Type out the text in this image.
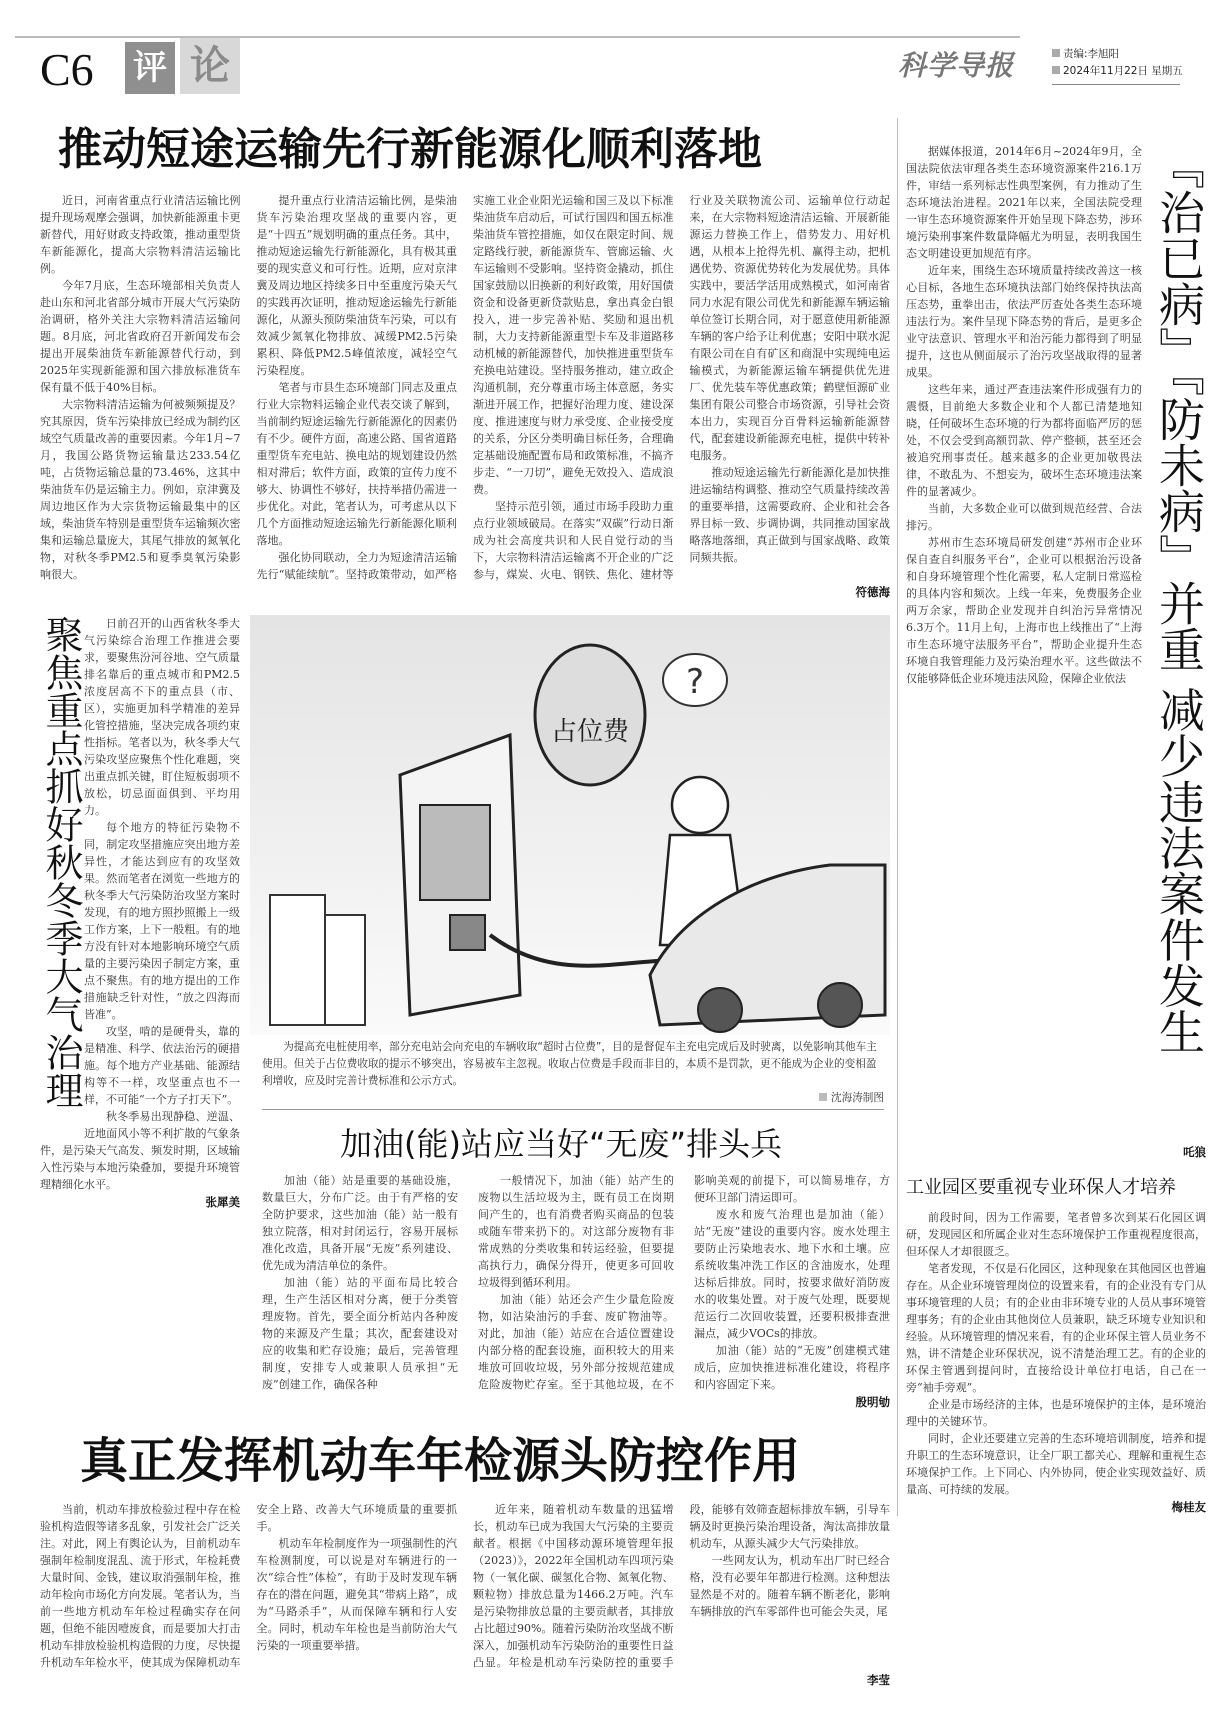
C6 评 论	科学导报	责编:李旭阳
2024年11月22日 星期五
推动短途运输先行新能源化顺利落地

近日，河南省重点行业清洁运输比例提升现场观摩会强调，加快新能源重卡更新替代，用好财政支持政策，推动重型货车新能源化，提高大宗物料清洁运输比例。

今年7月底，生态环境部相关负责人赴山东和河北省部分城市开展大气污染防治调研，格外关注大宗物料清洁运输问题。8月底，河北省政府召开新闻发布会提出开展柴油货车新能源替代行动，到2025年实现新能源和国六排放标准货车保有量不低于40%目标。

大宗物料清洁运输为何被频频提及？究其原因，货车污染排放已经成为制约区域空气质量改善的重要因素。今年1月~7月，我国公路货物运输量达233.54亿吨，占货物运输总量的73.46%，这其中柴油货车仍是运输主力。例如，京津冀及周边地区作为大宗货物运输最集中的区域，柴油货车特别是重型货车运输频次密集和运输总量庞大，其尾气排放的氮氧化物，对秋冬季PM2.5和夏季臭氧污染影响很大。

提升重点行业清洁运输比例，是柴油货车污染治理攻坚战的重要内容，更是“十四五”规划明确的重点任务。其中，推动短途运输先行新能源化，具有极其重要的现实意义和可行性。近期，应对京津冀及周边地区持续多日中至重度污染天气的实践再次证明，推动短途运输先行新能源化，从源头预防柴油货车污染，可以有效减少氮氧化物排放、减缓PM2.5污染累积、降低PM2.5峰值浓度，减轻空气污染程度。

笔者与市县生态环境部门同志及重点行业大宗物料运输企业代表交谈了解到，当前制约短途运输先行新能源化的因素仍有不少。硬件方面，高速公路、国省道路重型货车充电站、换电站的规划建设仍然相对滞后；软件方面，政策的宣传力度不够大、协调性不够好，扶持举措仍需进一步优化。对此，笔者认为，可考虑从以下几个方面推动短途运输先行新能源化顺利落地。

强化协同联动，全力为短途清洁运输先行“赋能续航”。坚持政策带动，如严格实施工业企业阳光运输和国三及以下标准柴油货车启动后，可试行国四和国五标准柴油货车管控措施，如仅在限定时间、规定路线行驶，新能源货车、管廊运输、火车运输则不受影响。坚持资金撬动，抓住国家鼓励以旧换新的利好政策，用好国债资金和设备更新贷款贴息，拿出真金白银投入，进一步完善补贴、奖励和退出机制，大力支持新能源重型卡车及非道路移动机械的新能源替代，加快推进重型货车充换电站建设。坚持服务推动，建立政企沟通机制，充分尊重市场主体意愿，务实渐进开展工作，把握好治理力度、建设深度、推进速度与财力承受度、企业接受度的关系，分区分类明确目标任务，合理确定基础设施配置布局和政策标准，不搞齐步走、“一刀切”，避免无效投入、造成浪费。

坚持示范引领，通过市场手段助力重点行业领域破局。在落实“双碳”行动日渐成为社会高度共识和人民自觉行动的当下，大宗物料清洁运输离不开企业的广泛参与，煤炭、火电、钢铁、焦化、建材等行业及关联物流公司、运输单位行动起来，在大宗物料短途清洁运输、开展新能源运力替换工作上，借势发力、用好机遇，从根本上抢得先机、赢得主动，把机遇优势、资源优势转化为发展优势。具体实践中，要活学活用成熟模式，如河南省同力水泥有限公司优先和新能源车辆运输单位签订长期合同，对于愿意使用新能源车辆的客户给予让利优惠；安阳中联水泥有限公司在自有矿区和商混中实现纯电运输模式，为新能源运输车辆提供优先进厂、优先装车等优惠政策；鹤壁恒源矿业集团有限公司整合市场资源，引导社会资本出力，实现百分百骨料运输新能源替代，配套建设新能源充电桩，提供中转补电服务。

推动短途运输先行新能源化是加快推进运输结构调整、推动空气质量持续改善的重要举措，这需要政府、企业和社会各界目标一致、步调协调，共同推动国家战略落地落细，真正做到与国家战略、政策同频共振。

符德海
聚焦重点抓好秋冬季大气治理	日前召开的山西省秋冬季大气污染综合治理工作推进会要求，要聚焦汾河谷地、空气质量排名靠后的重点城市和PM2.5浓度居高不下的重点县（市、区），实施更加科学精准的差异化管控措施，坚决完成各项约束性指标。笔者以为，秋冬季大气污染攻坚应聚焦个性化难题，突出重点抓关键，盯住短板弱项不放松，切忌面面俱到、平均用力。

每个地方的特征污染物不同，制定攻坚措施应突出地方差异性，才能达到应有的攻坚效果。然而笔者在浏览一些地方的秋冬季大气污染防治攻坚方案时发现，有的地方照抄照搬上一级工作方案，上下一般粗。有的地方没有针对本地影响环境空气质量的主要污染因子制定方案，重点不聚焦。有的地方提出的工作措施缺乏针对性，“放之四海而皆准”。

攻坚，啃的是硬骨头，靠的是精准、科学、依法治污的硬措施。每个地方产业基础、能源结构等不一样，攻坚重点也不一样，不可能“一个方子打天下”。

秋冬季易出现静稳、逆温、近地面风小等不利扩散的气象条件，是污染天气高发、频发时期，区域输入性污染与本地污染叠加，要提升环境管理精细化水平。

张犀美
占位费
?

为提高充电桩使用率，部分充电站会向充电的车辆收取“超时占位费”，目的是督促车主充电完成后及时驶离，以免影响其他车主使用。但关于占位费收取的提示不够突出，容易被车主忽视。收取占位费是手段而非目的，本质不是罚款，更不能成为企业的变相盈利增收，应及时完善计费标准和公示方式。

沈海涛制图
加油(能)站应当好“无废”排头兵

加油（能）站是重要的基础设施，数量巨大，分布广泛。由于有严格的安全防护要求，这些加油（能）站一般有独立院落，相对封闭运行，容易开展标准化改造，具备开展“无废”系列建设、优先成为清洁单位的条件。

加油（能）站的平面布局比较合理，生产生活区相对分离，便于分类管理废物。首先，要全面分析站内各种废物的来源及产生量；其次，配套建设对应的收集和贮存设施；最后，完善管理制度，安排专人或兼职人员承担“无废”创建工作，确保各种

一般情况下，加油（能）站产生的废物以生活垃圾为主，既有员工在岗期间产生的，也有消费者购买商品的包装或随车带来扔下的。对这部分废物有非常成熟的分类收集和转运经验，但要提高执行力，确保分得开，使更多可回收垃圾得到循环利用。

加油（能）站还会产生少量危险废物，如沾染油污的手套、废矿物油等。对此，加油（能）站应在合适位置建设内部分格的配套设施，面积较大的用来堆放可回收垃圾，另外部分按规范建成危险废物贮存室。至于其他垃圾，在不影响美观的前提下，可以简易堆存，方便环卫部门清运即可。

废水和废气治理也是加油（能）站“无废”建设的重要内容。废水处理主要防止污染地表水、地下水和土壤。应系统收集冲洗工作区的含油废水，处理达标后排放。同时，按要求做好消防废水的收集处置。对于废气处理，既要规范运行二次回收装置，还要积极排查泄漏点，减少VOCs的排放。

加油（能）站的“无废”创建模式建成后，应加快推进标准化建设，将程序和内容固定下来。

殷明劬
真正发挥机动车年检源头防控作用

当前，机动车排放检验过程中存在检验机构造假等诸多乱象，引发社会广泛关注。对此，网上有舆论认为，目前机动车强制年检制度混乱、流于形式，年检耗费大量时间、金钱，建议取消强制年检，推动年检向市场化方向发展。笔者认为，当前一些地方机动车年检过程确实存在问题，但绝不能因噎废食，而是要加大打击机动车排放检验机构造假的力度，尽快提升机动车年检水平，使其成为保障机动车安全上路、改善大气环境质量的重要抓手。

机动车年检制度作为一项强制性的汽车检测制度，可以说是对车辆进行的一次“综合性”体检”，有助于及时发现车辆存在的潜在问题，避免其“带病上路”，成为“马路杀手”，从而保障车辆和行人安全。同时，机动车年检也是当前防治大气污染的一项重要举措。

近年来，随着机动车数量的迅猛增长，机动车已成为我国大气污染的主要贡献者。根据《中国移动源环境管理年报（2023）》，2022年全国机动车四项污染物（一氧化碳、碳氢化合物、氮氧化物、颗粒物）排放总量为1466.2万吨。汽车是污染物排放总量的主要贡献者，其排放占比超过90%。随着污染防治攻坚战不断深入，加强机动车污染防治的重要性日益凸显。年检是机动车污染防控的重要手段，能够有效筛查超标排放车辆，引导车辆及时更换污染治理设备，淘汰高排放量机动车，从源头减少大气污染排放。

一些网友认为，机动车出厂时已经合格，没有必要年年都进行检测。这种想法显然是不对的。随着车辆不断老化，影响车辆排放的汽车零部件也可能会失灵，尾

李莹

据媒体报道，2014年6月~2024年9月，全国法院依法审理各类生态环境资源案件216.1万件，审结一系列标志性典型案例，有力推动了生态环境法治进程。2021年以来，全国法院受理一审生态环境资源案件开始呈现下降态势，涉环境污染刑事案件数量降幅尤为明显，表明我国生态文明建设更加规范有序。

近年来，围绕生态环境质量持续改善这一核心目标，各地生态环境执法部门始终保持执法高压态势，重拳出击，依法严厉查处各类生态环境违法行为。案件呈现下降态势的背后，是更多企业守法意识、管理水平和治污能力都得到了明显提升，这也从侧面展示了治污攻坚战取得的显著成果。

这些年来，通过严查违法案件形成强有力的震慑，目前绝大多数企业和个人都已清楚地知晓，任何破坏生态环境的行为都将面临严厉的惩处，不仅会受到高额罚款、停产整顿，甚至还会被追究刑事责任。越来越多的企业更加敬畏法律，不敢乱为、不想妄为，破坏生态环境违法案件的显著减少。

当前，大多数企业可以做到规范经营、合法排污。

苏州市生态环境局研发创建“苏州市企业环保自查自纠服务平台”，企业可以根据治污设备和自身环境管理个性化需要，私人定制日常巡检的具体内容和频次。上线一年来，免费服务企业两万余家，帮助企业发现并自纠治污异常情况6.3万个。11月上旬，上海市也上线推出了“上海市生态环境守法服务平台”，帮助企业提升生态环境自我管理能力及污染治理水平。这些做法不仅能够降低企业环境违法风险，保障企业依法 『治已病』『防未病』并重 减少违法案件发生
吒狼
工业园区要重视专业环保人才培养

前段时间，因为工作需要，笔者曾多次到某石化园区调研，发现园区和所属企业对生态环境保护工作重视程度很高，但环保人才却很匮乏。

笔者发现，不仅是石化园区，这种现象在其他园区也普遍存在。从企业环境管理岗位的设置来看，有的企业没有专门从事环境管理的人员；有的企业由非环境专业的人员从事环境管理事务；有的企业由其他岗位人员兼职，缺乏环境专业知识和经验。从环境管理的情况来看，有的企业环保主管人员业务不熟，讲不清楚企业环保状况，说不清楚治理工艺。有的企业的环保主管遇到提问时，直接给设计单位打电话，自己在一旁“袖手旁观”。

企业是市场经济的主体，也是环境保护的主体，是环境治理中的关键环节。

同时，企业还要建立完善的生态环境培训制度，培养和提升职工的生态环境意识，让全厂职工都关心、理解和重视生态环境保护工作。上下同心、内外协同，使企业实现效益好、质量高、可持续的发展。

梅桂友
